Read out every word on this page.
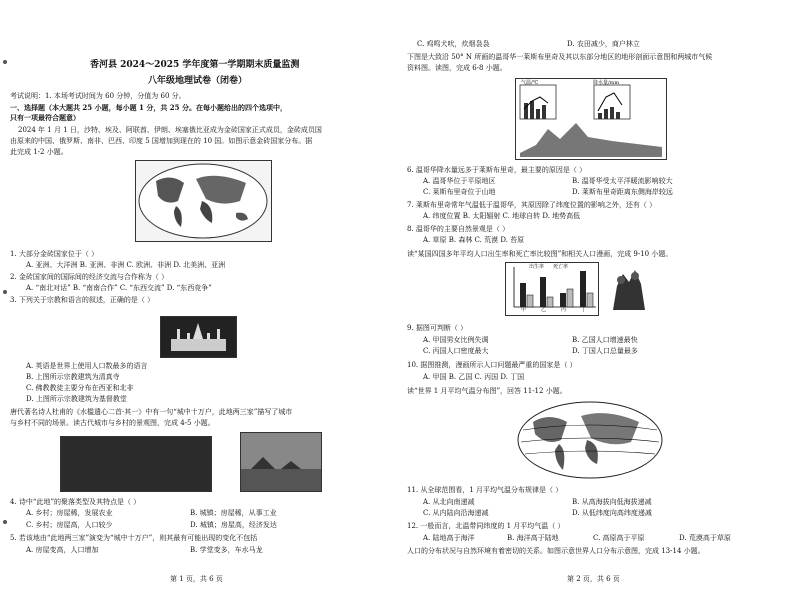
香河县 2024～2025 学年度第一学期期末质量监测
八年级地理试卷（闭卷）
考试说明：1. 本场考试时间为 60 分钟，分值为 60 分。
一、选择题（本大题共 25 小题，每小题 1 分，共 25 分。在每小题给出的四个选项中，
只有一项最符合题意）
2024 年 1 月 1 日，沙特、埃及、阿联酋、伊朗、埃塞俄比亚成为金砖国家正式成员，金砖成员国
由原来的中国、俄罗斯、南非、巴西、印度 5 国增加到现在的 10 国。如图示意金砖国家分布。据
此完成 1-2 小题。
1. 大部分金砖国家位于（ ）
A. 亚洲、大洋洲 B. 亚洲、非洲 C. 欧洲、非洲 D. 北美洲、亚洲
2. 金砖国家间的国际间的经济交流与合作称为（ ）
A. “南北对话” B. “南南合作” C. “东西交流” D. “东西竞争”
3. 下列关于宗教和语言的叙述，正确的是（ ）
A. 英语是世界上使用人口数最多的语言
B. 上图所示宗教建筑为清真寺
C. 佛教教徒主要分布在西亚和北非
D. 上图所示宗教建筑为基督教堂
唐代著名诗人杜甫的《水槛遣心二首·其一》中有一句“城中十万户，此地两三家”描写了城市
与乡村不同的场景。读古代城市与乡村的景观图，完成 4-5 小题。
4. 诗中“此地”的聚落类型及其特点是（ ）
A. 乡村；房屋稀，发展农业	B. 城镇；房屋稀，从事工业
C. 乡村；房屋高，人口较少	D. 城镇；房屋高，经济发达
5. 若该地由“此地两三家”演变为“城中十万户”，则其最有可能出现的变化不包括
A. 房屋变高，人口增加	B. 学堂变多，车水马龙
第 1 页，共 6 页
C. 鸡鸣犬吠，炊烟袅袅	D. 农田减少，商户林立
下图是大致沿 50° N 所画的温哥华一莱斯布里奇及其以东部分地区的地形剖面示意图和两城市气候
资料图。读图，完成 6-8 小题。
气温/℃	降水量/mm
6. 温哥华降水量远多于莱斯布里奇，最主要的原因是（ ）
A. 温哥华位于平原地区	B. 温哥华受太平洋暖流影响较大
C. 莱斯布里奇位于山地	D. 莱斯布里奇距离东侧海岸较远
7. 莱斯布里奇常年气温低于温哥华，其原因除了纬度位置的影响之外，还有（ ）
A. 纬度位置 B. 太阳辐射 C. 地球自转 D. 地势高低
8. 温哥华的主要自然景观是（ ）
A. 草原 B. 森林 C. 荒漠 D. 苔原
读“某国四国多年平均人口出生率和死亡率比较图”和相关人口漫画，完成 9-10 小题。
出生率 死亡率
甲	乙	丙	丁
9. 据图可判断（ ）
A. 甲国男女比例失调	B. 乙国人口增速最快
C. 丙国人口密度最大	D. 丁国人口总量最多
10. 据图推测，漫画所示人口问题最严重的国家是（ ）
A. 甲国 B. 乙国 C. 丙国 D. 丁国
读“世界 1 月平均气温分布图”，回答 11-12 小题。
11. 从全球范围看，1 月平均气温分布规律是（ ）
A. 从北向南递减	B. 从高海拔向低海拔递减
C. 从内陆向沿海递减	D. 从低纬度向高纬度递减
12. 一般而言，北温带同纬度的 1 月平均气温（ ）
A. 陆地高于海洋	B. 海洋高于陆地	C. 高原高于平原	D. 荒漠高于草原
人口的分布状况与自然环境有着密切的关系。如图示意世界人口分布示意图，完成 13-14 小题。
第 2 页，共 6 页
